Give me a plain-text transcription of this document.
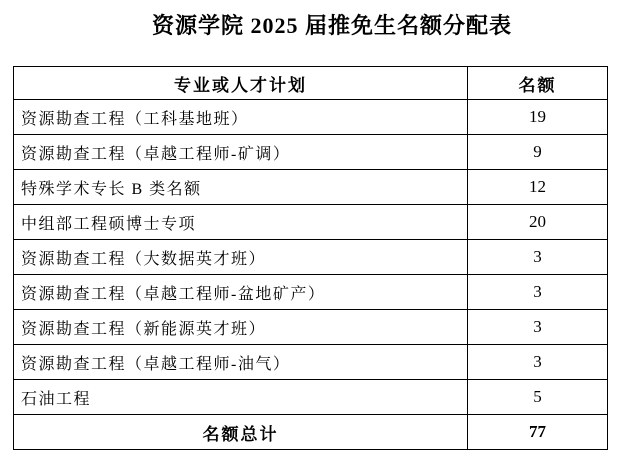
资源学院 2025 届推免生名额分配表
专业或人才计划	名额
资源勘查工程（工科基地班）	19
资源勘查工程（卓越工程师-矿调）	9
特殊学术专长 B 类名额	12
中组部工程硕博士专项	20
资源勘查工程（大数据英才班）	3
资源勘查工程（卓越工程师-盆地矿产）	3
资源勘查工程（新能源英才班）	3
资源勘查工程（卓越工程师-油气）	3
石油工程	5
名额总计	77
